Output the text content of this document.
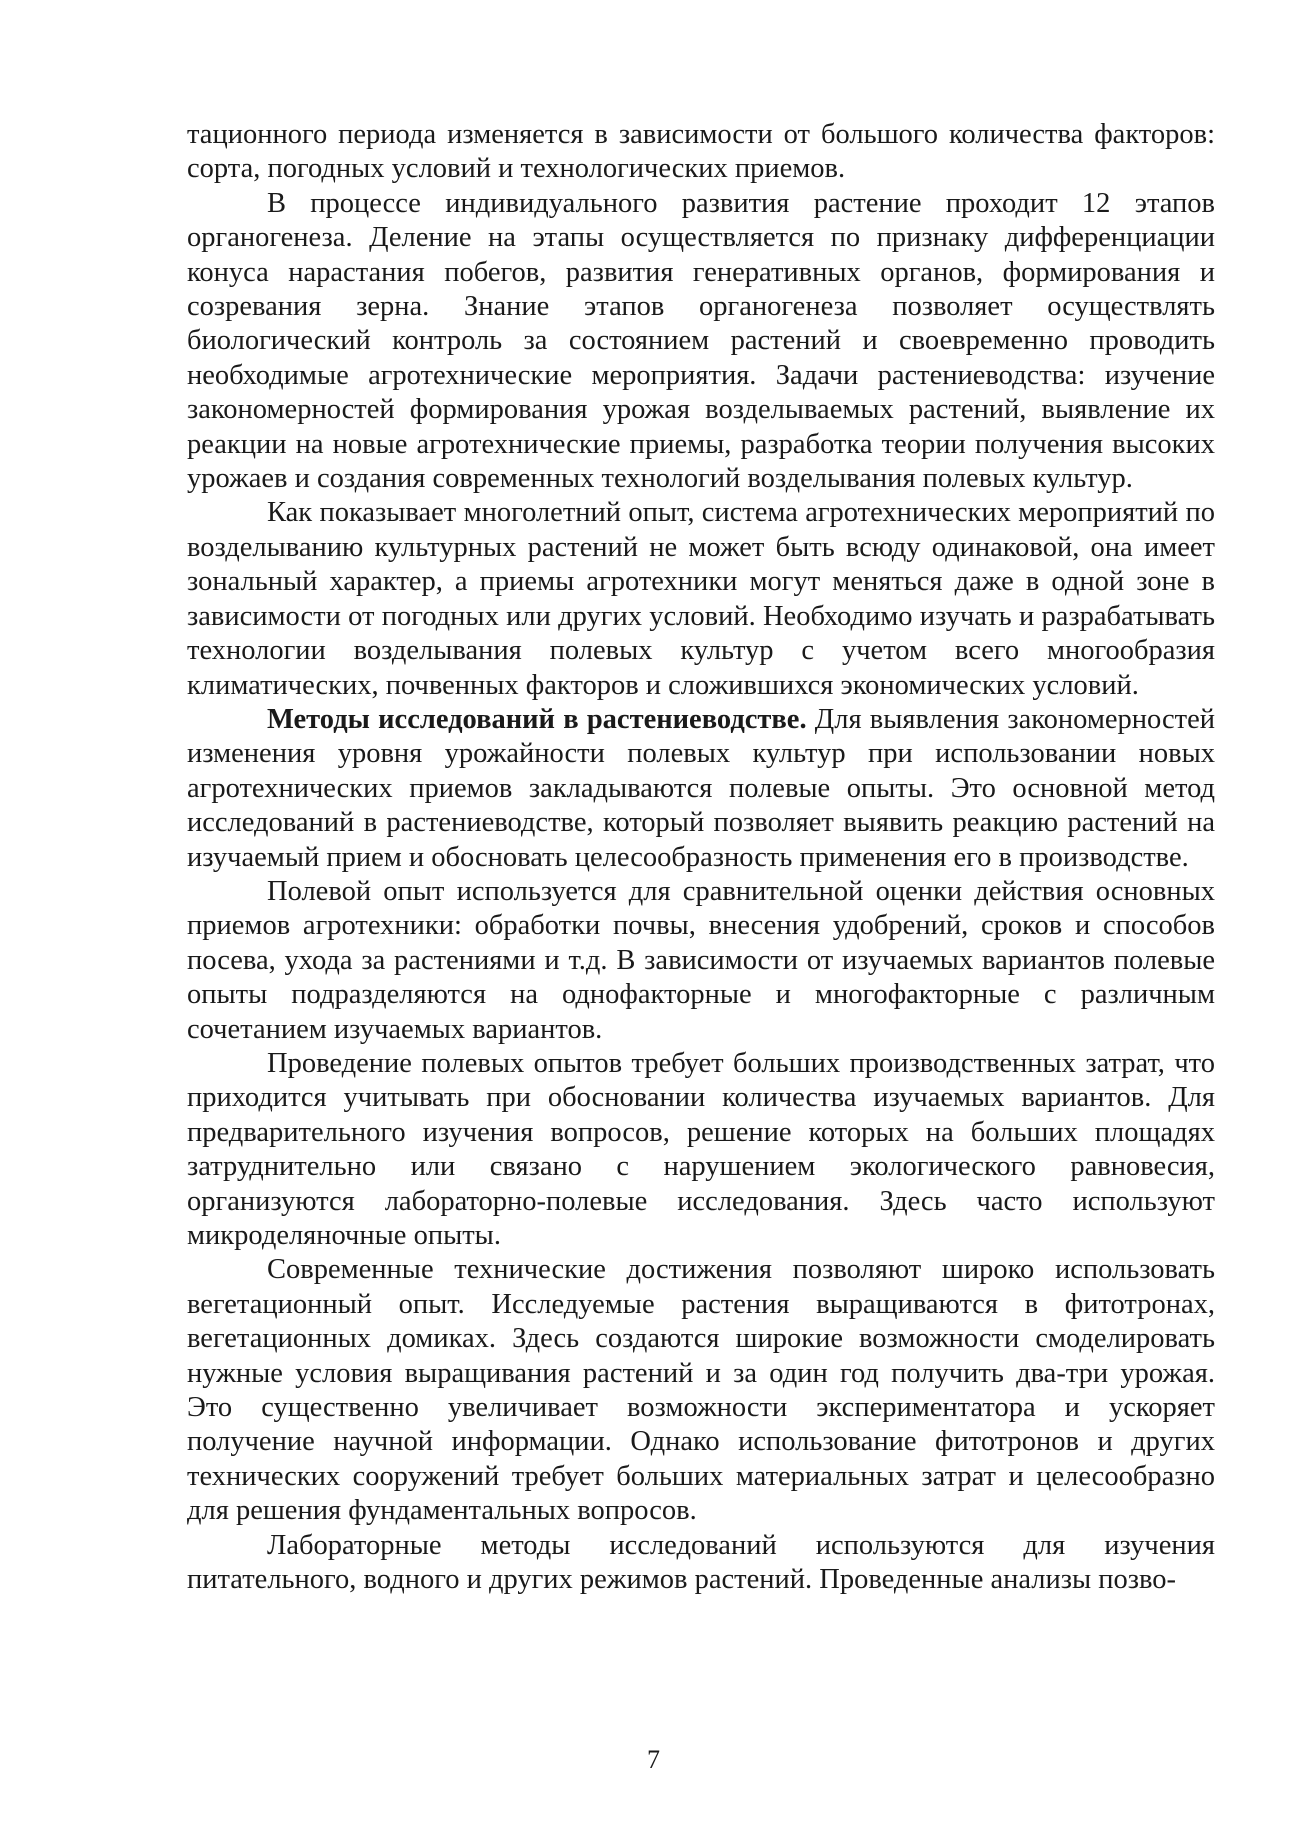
тационного периода изменяется в зависимости от большого количества факторов: сорта, погодных условий и технологических приемов.

В процессе индивидуального развития растение проходит 12 этапов органогенеза. Деление на этапы осуществляется по признаку дифференциации конуса нарастания побегов, развития генеративных органов, формирования и созревания зерна. Знание этапов органогенеза позволяет осуществлять биологический контроль за состоянием растений и своевременно проводить необходимые агротехнические мероприятия. Задачи растениеводства: изучение закономерностей формирования урожая возделываемых растений, выявление их реакции на новые агротехнические приемы, разработка теории получения высоких урожаев и создания современных технологий возделывания полевых культур.

Как показывает многолетний опыт, система агротехнических мероприятий по возделыванию культурных растений не может быть всюду одинаковой, она имеет зональный характер, а приемы агротехники могут меняться даже в одной зоне в зависимости от погодных или других условий. Необходимо изучать и разрабатывать технологии возделывания полевых культур с учетом всего многообразия климатических, почвенных факторов и сложившихся экономических условий.

Методы исследований в растениеводстве. Для выявления закономерностей изменения уровня урожайности полевых культур при использовании новых агротехнических приемов закладываются полевые опыты. Это основной метод исследований в растениеводстве, который позволяет выявить реакцию растений на изучаемый прием и обосновать целесообразность применения его в производстве.

Полевой опыт используется для сравнительной оценки действия основных приемов агротехники: обработки почвы, внесения удобрений, сроков и способов посева, ухода за растениями и т.д. В зависимости от изучаемых вариантов полевые опыты подразделяются на однофакторные и многофакторные с различным сочетанием изучаемых вариантов.

Проведение полевых опытов требует больших производственных затрат, что приходится учитывать при обосновании количества изучаемых вариантов. Для предварительного изучения вопросов, решение которых на больших площадях затруднительно или связано с нарушением экологического равновесия, организуются лабораторно-полевые исследования. Здесь часто используют микроделяночные опыты.

Современные технические достижения позволяют широко использовать вегетационный опыт. Исследуемые растения выращиваются в фитотронах, вегетационных домиках. Здесь создаются широкие возможности смоделировать нужные условия выращивания растений и за один год получить два-три урожая. Это существенно увеличивает возможности экспериментатора и ускоряет получение научной информации. Однако использование фитотронов и других технических сооружений требует больших материальных затрат и целесообразно для решения фундаментальных вопросов.

Лабораторные методы исследований используются для изучения питательного, водного и других режимов растений. Проведенные анализы позво-

7
